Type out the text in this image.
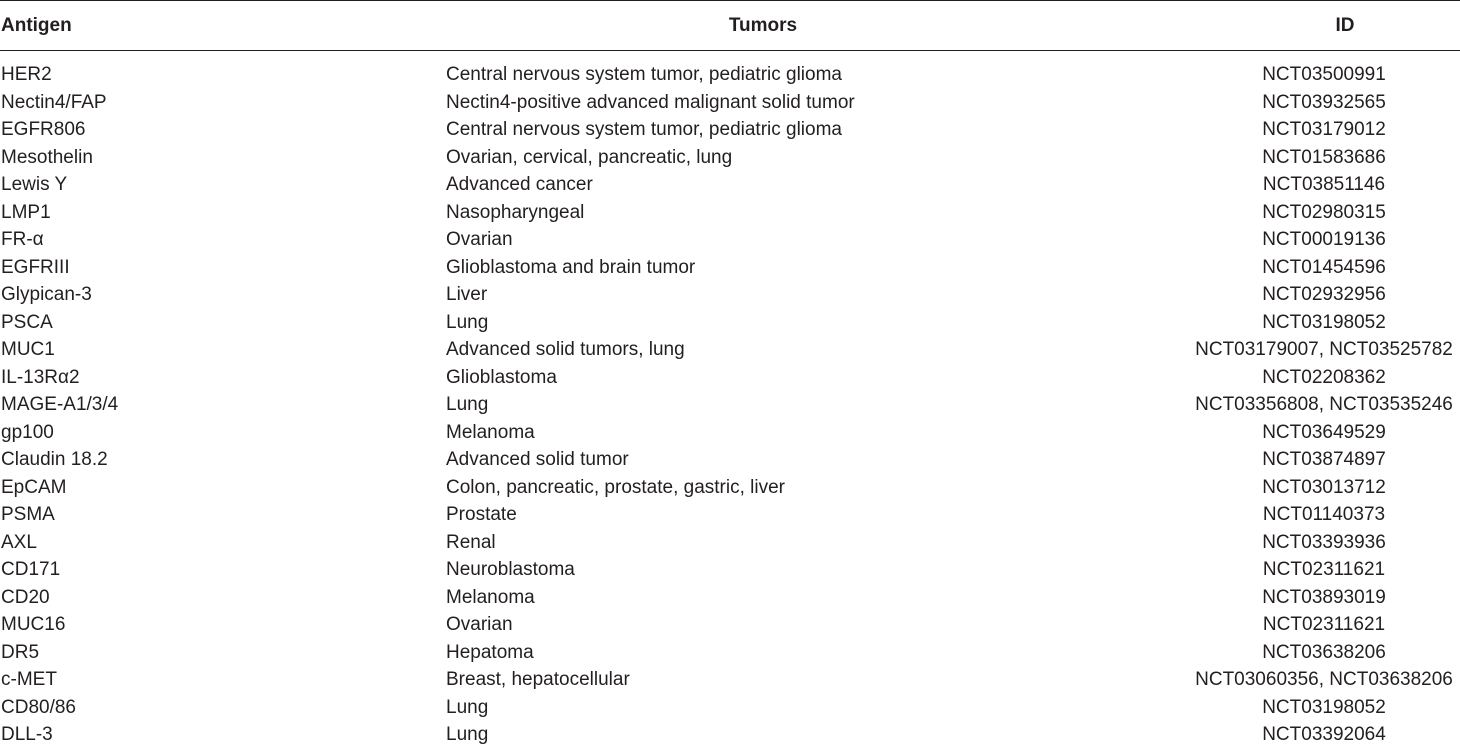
Antigen	Tumors	ID
HER2	Central nervous system tumor, pediatric glioma	NCT03500991
Nectin4/FAP	Nectin4-positive advanced malignant solid tumor	NCT03932565
EGFR806	Central nervous system tumor, pediatric glioma	NCT03179012
Mesothelin	Ovarian, cervical, pancreatic, lung	NCT01583686
Lewis Y	Advanced cancer	NCT03851146
LMP1	Nasopharyngeal	NCT02980315
FR-α	Ovarian	NCT00019136
EGFRIII	Glioblastoma and brain tumor	NCT01454596
Glypican-3	Liver	NCT02932956
PSCA	Lung	NCT03198052
MUC1	Advanced solid tumors, lung	NCT03179007, NCT03525782
IL-13Rα2	Glioblastoma	NCT02208362
MAGE-A1/3/4	Lung	NCT03356808, NCT03535246
gp100	Melanoma	NCT03649529
Claudin 18.2	Advanced solid tumor	NCT03874897
EpCAM	Colon, pancreatic, prostate, gastric, liver	NCT03013712
PSMA	Prostate	NCT01140373
AXL	Renal	NCT03393936
CD171	Neuroblastoma	NCT02311621
CD20	Melanoma	NCT03893019
MUC16	Ovarian	NCT02311621
DR5	Hepatoma	NCT03638206
c-MET	Breast, hepatocellular	NCT03060356, NCT03638206
CD80/86	Lung	NCT03198052
DLL-3	Lung	NCT03392064
